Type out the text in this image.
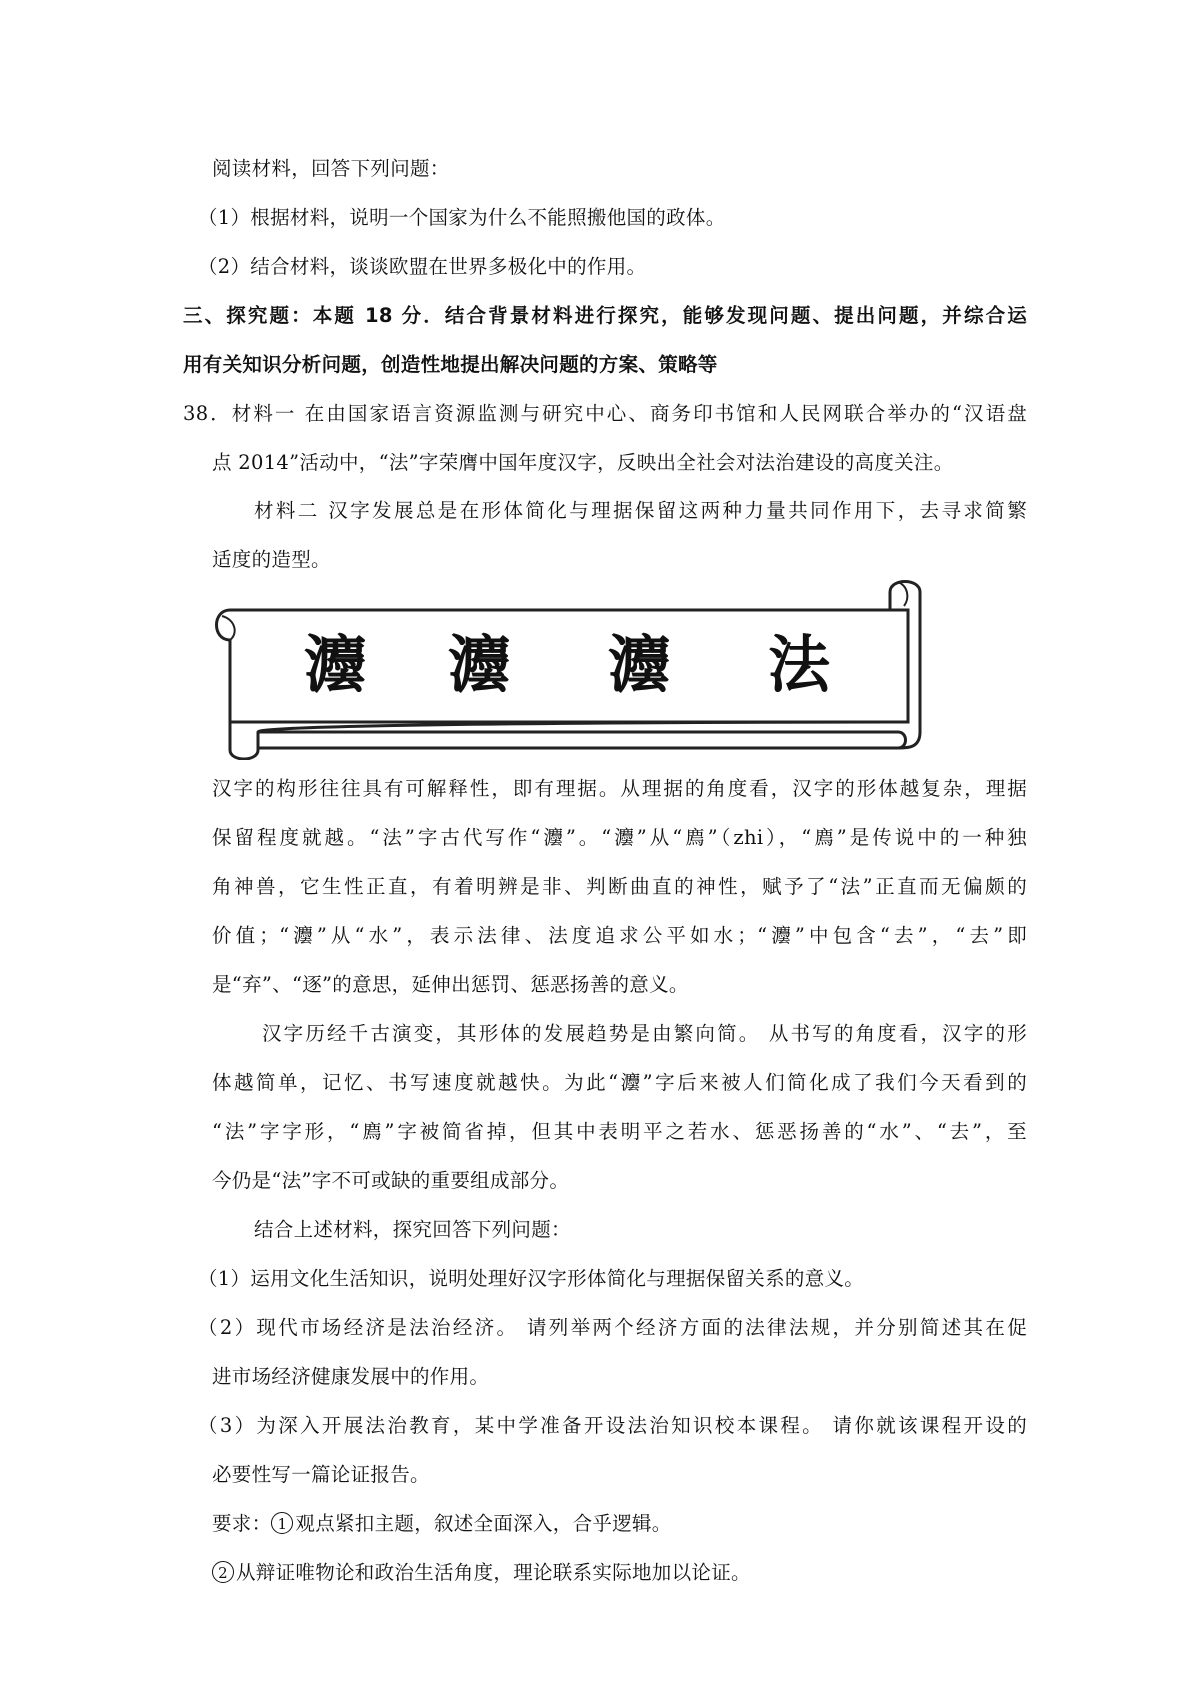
阅读材料，回答下列问题：
（1）根据材料，说明一个国家为什么不能照搬他国的政体。
（2）结合材料，谈谈欧盟在世界多极化中的作用。
三、探究题：本题 18 分．结合背景材料进行探究，能够发现问题、提出问题，并综合运
用有关知识分析问题，创造性地提出解决问题的方案、策略等
38．材料一 在由国家语言资源监测与研究中心、商务印书馆和人民网联合举办的“汉语盘
点 2014”活动中，“法”字荣膺中国年度汉字，反映出全社会对法治建设的高度关注。
材料二 汉字发展总是在形体简化与理据保留这两种力量共同作用下，去寻求简繁
适度的造型。
灋 灋 灋 法
汉字的构形往往具有可解释性，即有理据。从理据的角度看，汉字的形体越复杂，理据
保留程度就越。“法”字古代写作“灋”。“灋”从“廌”（zhi），“廌”是传说中的一种独
角神兽，它生性正直，有着明辨是非、判断曲直的神性，赋予了“法”正直而无偏颇的
价值；“灋”从“水”，表示法律、法度追求公平如水；“灋”中包含“去”，“去”即
是“弃”、“逐”的意思，延伸出惩罚、惩恶扬善的意义。
汉字历经千古演变，其形体的发展趋势是由繁向简。 从书写的角度看，汉字的形
体越简单，记忆、书写速度就越快。为此“灋”字后来被人们简化成了我们今天看到的
“法”字字形，“廌”字被简省掉，但其中表明平之若水、惩恶扬善的“水”、“去”，至
今仍是“法”字不可或缺的重要组成部分。
结合上述材料，探究回答下列问题：
（1）运用文化生活知识，说明处理好汉字形体简化与理据保留关系的意义。
（2）现代市场经济是法治经济。 请列举两个经济方面的法律法规，并分别简述其在促
进市场经济健康发展中的作用。
（3）为深入开展法治教育，某中学准备开设法治知识校本课程。 请你就该课程开设的
必要性写一篇论证报告。
要求： 1 观点紧扣主题，叙述全面深入，合乎逻辑。
2 从辩证唯物论和政治生活角度，理论联系实际地加以论证。
